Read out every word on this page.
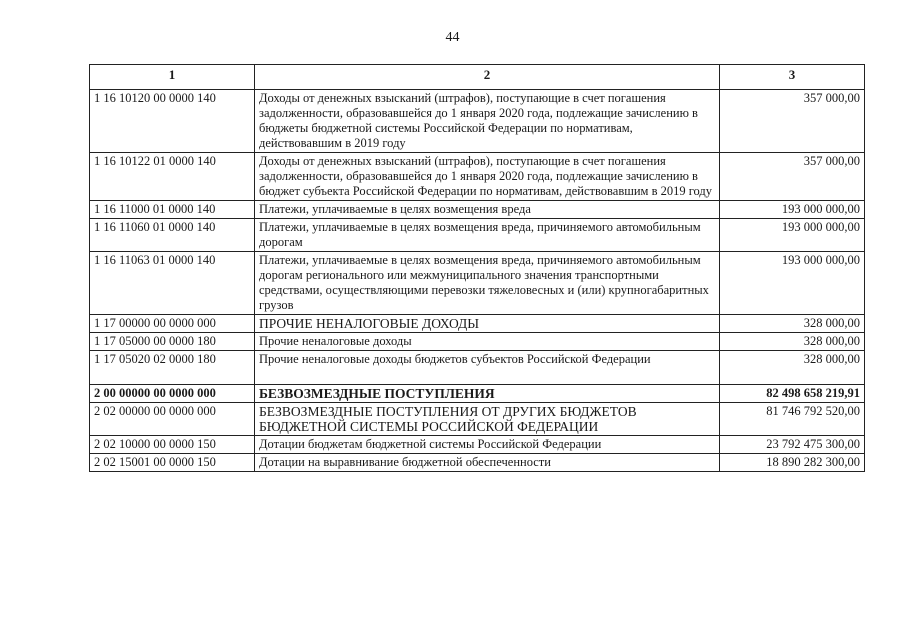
44
1	2	3
1 16 10120 00 0000 140	Доходы от денежных взысканий (штрафов), поступающие в счет погашения задолженности, образовавшейся до 1 января 2020 года, подлежащие зачислению в бюджеты бюджетной системы Российской Федерации по нормативам, действовавшим в 2019 году	357 000,00
1 16 10122 01 0000 140	Доходы от денежных взысканий (штрафов), поступающие в счет погашения задолженности, образовавшейся до 1 января 2020 года, подлежащие зачислению в бюджет субъекта Российской Федерации по нормативам, действовавшим в 2019 году	357 000,00
1 16 11000 01 0000 140	Платежи, уплачиваемые в целях возмещения вреда	193 000 000,00
1 16 11060 01 0000 140	Платежи, уплачиваемые в целях возмещения вреда, причиняемого автомобильным дорогам	193 000 000,00
1 16 11063 01 0000 140	Платежи, уплачиваемые в целях возмещения вреда, причиняемого автомобильным дорогам регионального или межмуниципального значения транспортными средствами, осуществляющими перевозки тяжеловесных и (или) крупногабаритных грузов	193 000 000,00
1 17 00000 00 0000 000	ПРОЧИЕ НЕНАЛОГОВЫЕ ДОХОДЫ	328 000,00
1 17 05000 00 0000 180	Прочие неналоговые доходы	328 000,00
1 17 05020 02 0000 180	Прочие неналоговые доходы бюджетов субъектов Российской Федерации	328 000,00
2 00 00000 00 0000 000	БЕЗВОЗМЕЗДНЫЕ ПОСТУПЛЕНИЯ	82 498 658 219,91
2 02 00000 00 0000 000	БЕЗВОЗМЕЗДНЫЕ ПОСТУПЛЕНИЯ ОТ ДРУГИХ БЮДЖЕТОВ БЮДЖЕТНОЙ СИСТЕМЫ РОССИЙСКОЙ ФЕДЕРАЦИИ	81 746 792 520,00
2 02 10000 00 0000 150	Дотации бюджетам бюджетной системы Российской Федерации	23 792 475 300,00
2 02 15001 00 0000 150	Дотации на выравнивание бюджетной обеспеченности	18 890 282 300,00
